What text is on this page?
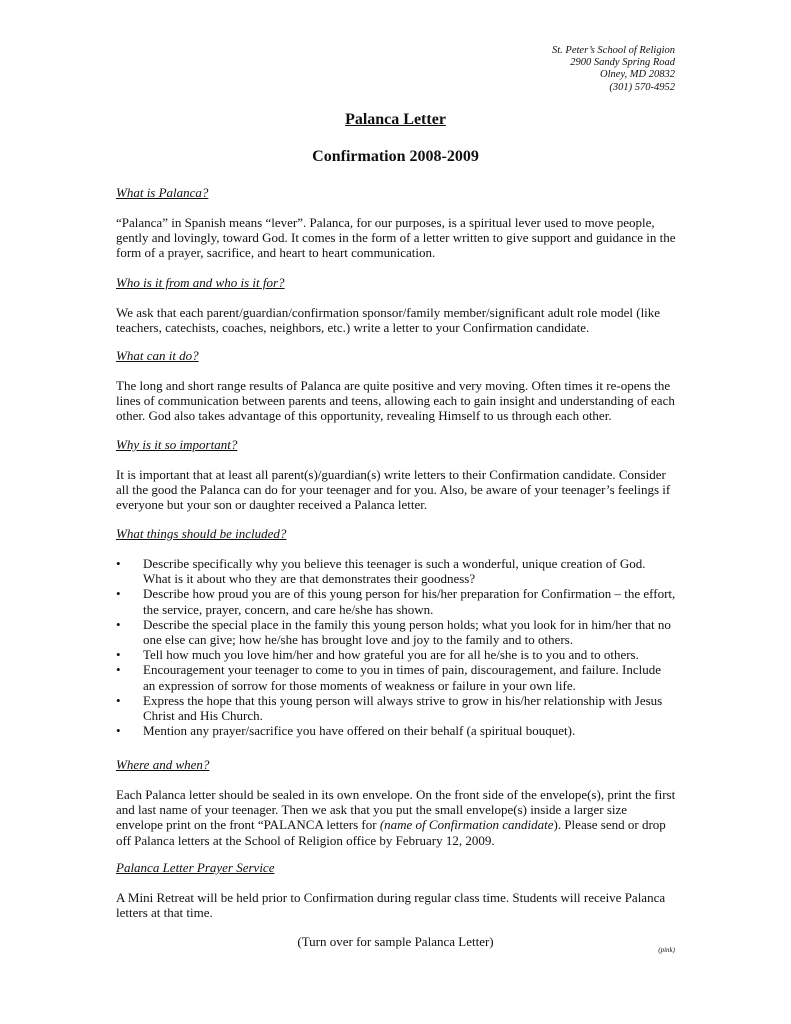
St. Peter’s School of Religion
2900 Sandy Spring Road
Olney, MD 20832
(301) 570-4952
Palanca Letter
Confirmation 2008-2009
What is Palanca?

“Palanca” in Spanish means “lever”. Palanca, for our purposes, is a spiritual lever used to move people, gently and lovingly, toward God. It comes in the form of a letter written to give support and guidance in the form of a prayer, sacrifice, and heart to heart communication.

Who is it from and who is it for?

We ask that each parent/guardian/confirmation sponsor/family member/significant adult role model (like teachers, catechists, coaches, neighbors, etc.) write a letter to your Confirmation candidate.

What can it do?

The long and short range results of Palanca are quite positive and very moving. Often times it re-opens the lines of communication between parents and teens, allowing each to gain insight and understanding of each other. God also takes advantage of this opportunity, revealing Himself to us through each other.

Why is it so important?

It is important that at least all parent(s)/guardian(s) write letters to their Confirmation candidate. Consider all the good the Palanca can do for your teenager and for you. Also, be aware of your teenager’s feelings if everyone but your son or daughter received a Palanca letter.

What things should be included?
• Describe specifically why you believe this teenager is such a wonderful, unique creation of God. What is it about who they are that demonstrates their goodness?
• Describe how proud you are of this young person for his/her preparation for Confirmation – the effort, the service, prayer, concern, and care he/she has shown.
• Describe the special place in the family this young person holds; what you look for in him/her that no one else can give; how he/she has brought love and joy to the family and to others.
• Tell how much you love him/her and how grateful you are for all he/she is to you and to others.
• Encouragement your teenager to come to you in times of pain, discouragement, and failure. Include an expression of sorrow for those moments of weakness or failure in your own life.
• Express the hope that this young person will always strive to grow in his/her relationship with Jesus Christ and His Church.
• Mention any prayer/sacrifice you have offered on their behalf (a spiritual bouquet).
Where and when?

Each Palanca letter should be sealed in its own envelope. On the front side of the envelope(s), print the first and last name of your teenager. Then we ask that you put the small envelope(s) inside a larger size envelope print on the front “PALANCA letters for (name of Confirmation candidate). Please send or drop off Palanca letters at the School of Religion office by February 12, 2009.

Palanca Letter Prayer Service

A Mini Retreat will be held prior to Confirmation during regular class time. Students will receive Palanca letters at that time.

(Turn over for sample Palanca Letter)
(pink)
